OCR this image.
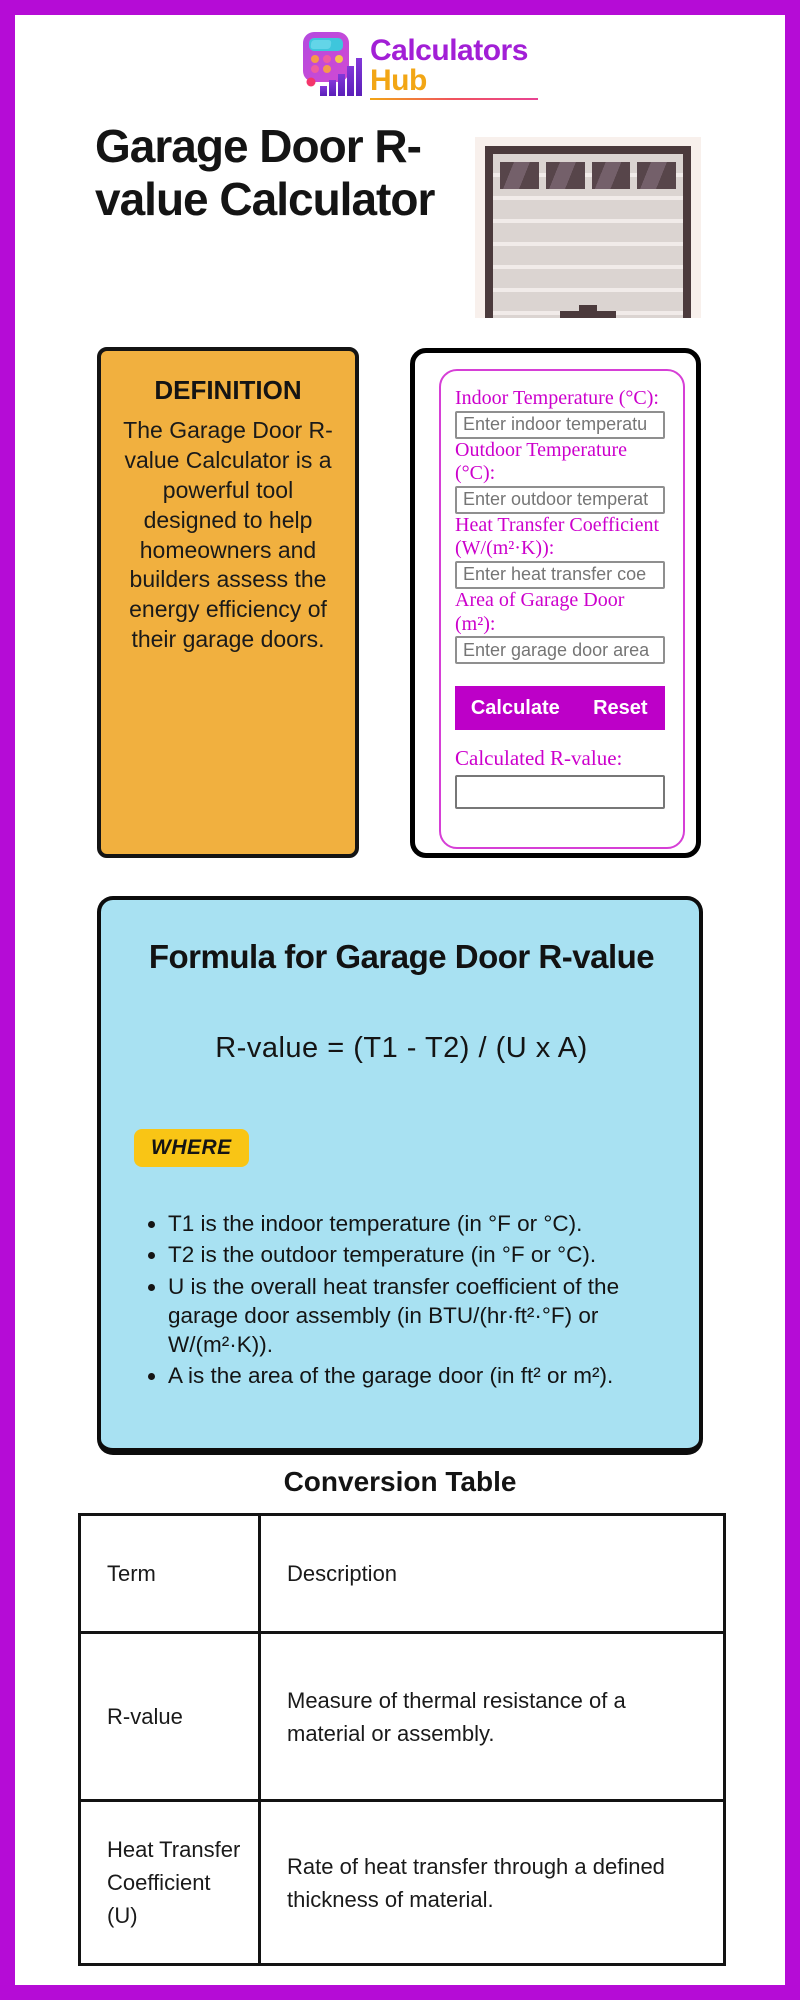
Calculators
Hub
Garage Door R-value Calculator
DEFINITION

The Garage Door R-value Calculator is a powerful tool designed to help homeowners and builders assess the energy efficiency of their garage doors.

Indoor Temperature (°C):
Enter indoor temperatu
Outdoor Temperature (°C):
Enter outdoor temperat
Heat Transfer Coefficient (W/(m²·K)):
Enter heat transfer coe
Area of Garage Door (m²):
Enter garage door area
Calculate	Reset
Calculated R-value:
Formula for Garage Door R-value
R-value = (T1 - T2) / (U x A)
WHERE
• T1 is the indoor temperature (in °F or °C).
• T2 is the outdoor temperature (in °F or °C).
• U is the overall heat transfer coefficient of the garage door assembly (in BTU/(hr·ft²·°F) or W/(m²·K)).
• A is the area of the garage door (in ft² or m²).
Conversion Table
Term	Description
R-value	Measure of thermal resistance of a material or assembly.
Heat Transfer Coefficient (U)	Rate of heat transfer through a defined thickness of material.
